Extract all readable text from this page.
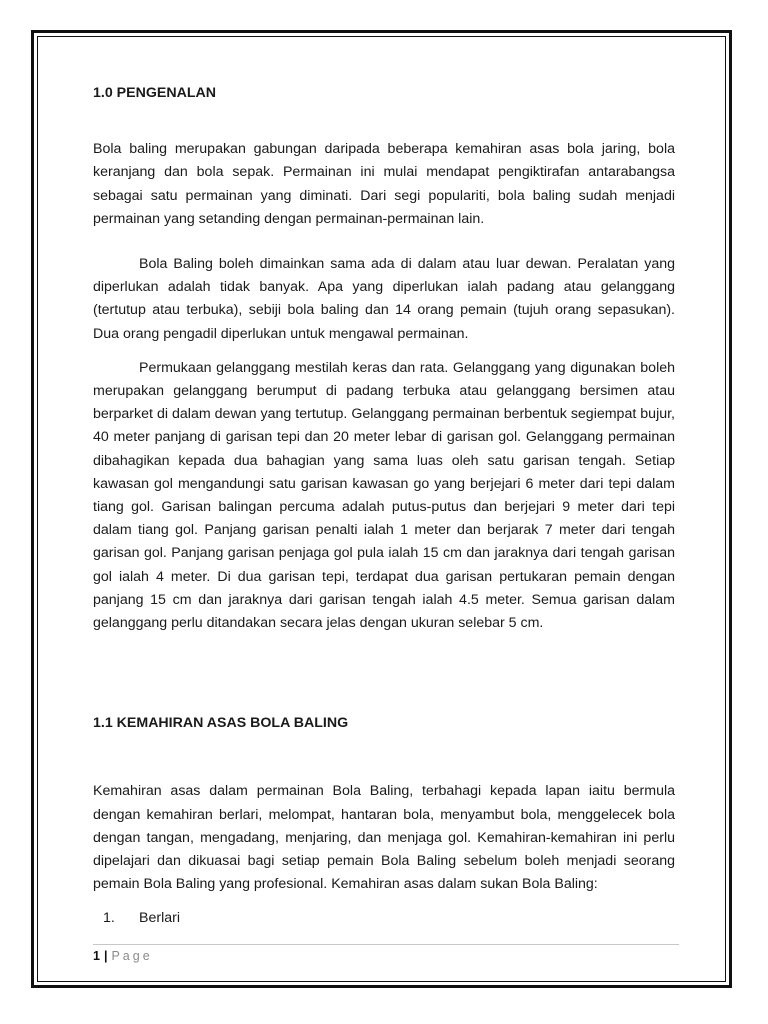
1.0 PENGENALAN

Bola baling merupakan gabungan daripada beberapa kemahiran asas bola jaring, bola keranjang dan bola sepak. Permainan ini mulai mendapat pengiktirafan antarabangsa sebagai satu permainan yang diminati. Dari segi populariti, bola baling sudah menjadi permainan yang setanding dengan permainan-permainan lain.

Bola Baling boleh dimainkan sama ada di dalam atau luar dewan. Peralatan yang diperlukan adalah tidak banyak. Apa yang diperlukan ialah padang atau gelanggang (tertutup atau terbuka), sebiji bola baling dan 14 orang pemain (tujuh orang sepasukan). Dua orang pengadil diperlukan untuk mengawal permainan.

Permukaan gelanggang mestilah keras dan rata. Gelanggang yang digunakan boleh merupakan gelanggang berumput di padang terbuka atau gelanggang bersimen atau berparket di dalam dewan yang tertutup. Gelanggang permainan berbentuk segiempat bujur, 40 meter panjang di garisan tepi dan 20 meter lebar di garisan gol. Gelanggang permainan dibahagikan kepada dua bahagian yang sama luas oleh satu garisan tengah. Setiap kawasan gol mengandungi satu garisan kawasan go yang berjejari 6 meter dari tepi dalam tiang gol. Garisan balingan percuma adalah putus-putus dan berjejari 9 meter dari tepi dalam tiang gol. Panjang garisan penalti ialah 1 meter dan berjarak 7 meter dari tengah garisan gol. Panjang garisan penjaga gol pula ialah 15 cm dan jaraknya dari tengah garisan gol ialah 4 meter. Di dua garisan tepi, terdapat dua garisan pertukaran pemain dengan panjang 15 cm dan jaraknya dari garisan tengah ialah 4.5 meter. Semua garisan dalam gelanggang perlu ditandakan secara jelas dengan ukuran selebar 5 cm.

1.1 KEMAHIRAN ASAS BOLA BALING

Kemahiran asas dalam permainan Bola Baling, terbahagi kepada lapan iaitu bermula dengan kemahiran berlari, melompat, hantaran bola, menyambut bola, menggelecek bola dengan tangan, mengadang, menjaring, dan menjaga gol. Kemahiran-kemahiran ini perlu dipelajari dan dikuasai bagi setiap pemain Bola Baling sebelum boleh menjadi seorang pemain Bola Baling yang profesional. Kemahiran asas dalam sukan Bola Baling:

1.	Berlari
1 | Page
